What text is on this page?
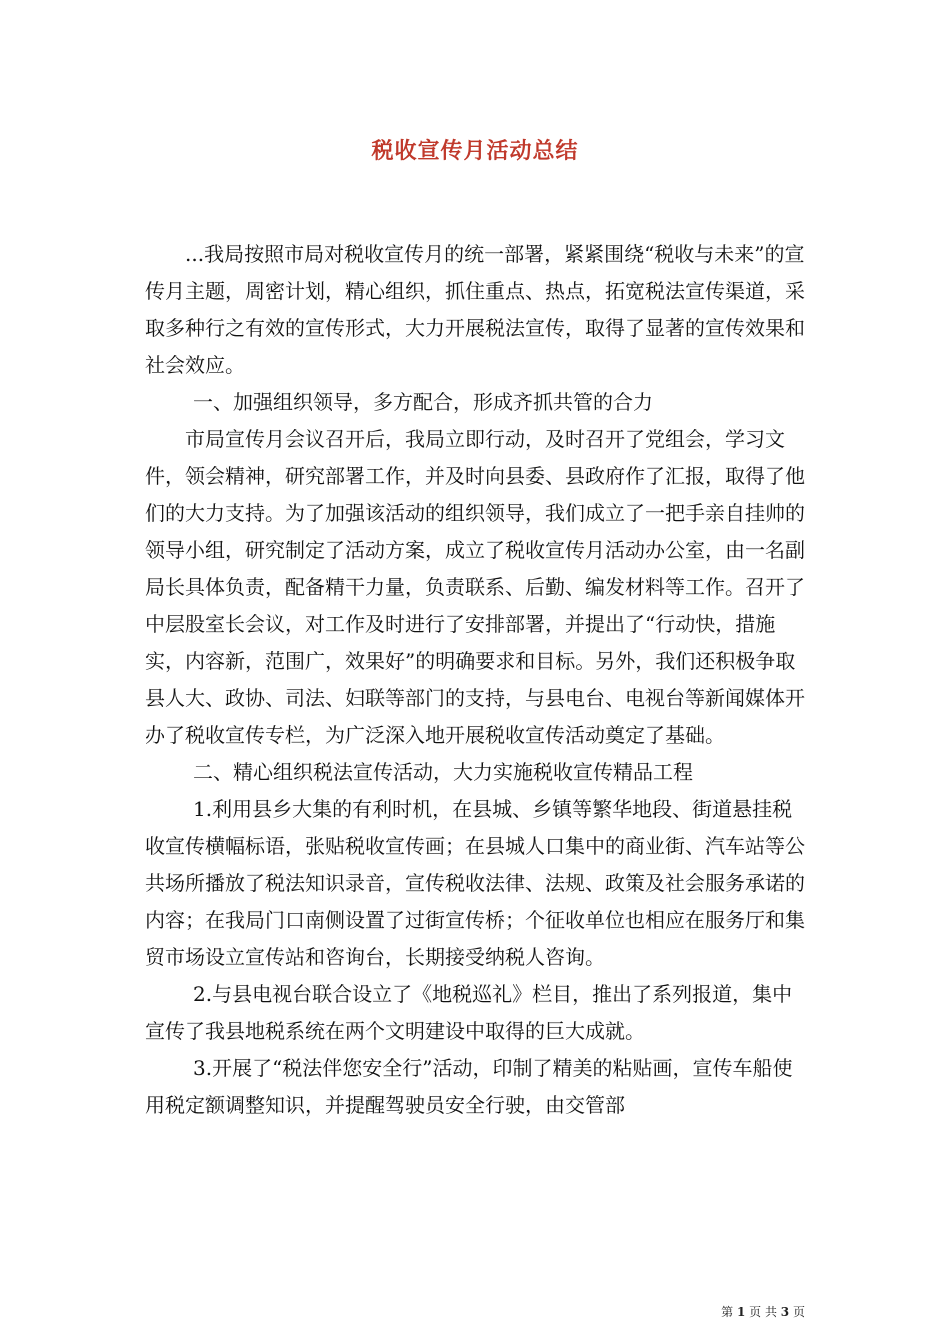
税收宣传月活动总结

...我局按照市局对税收宣传月的统一部署，紧紧围绕“税收与未来”的宣传月主题，周密计划，精心组织，抓住重点、热点，拓宽税法宣传渠道，采取多种行之有效的宣传形式，大力开展税法宣传，取得了显著的宣传效果和社会效应。

一、加强组织领导，多方配合，形成齐抓共管的合力

市局宣传月会议召开后，我局立即行动，及时召开了党组会，学习文件，领会精神，研究部署工作，并及时向县委、县政府作了汇报，取得了他们的大力支持。为了加强该活动的组织领导，我们成立了一把手亲自挂帅的领导小组，研究制定了活动方案，成立了税收宣传月活动办公室，由一名副局长具体负责，配备精干力量，负责联系、后勤、编发材料等工作。召开了中层股室长会议，对工作及时进行了安排部署，并提出了“行动快，措施实，内容新，范围广，效果好”的明确要求和目标。另外，我们还积极争取县人大、政协、司法、妇联等部门的支持，与县电台、电视台等新闻媒体开办了税收宣传专栏，为广泛深入地开展税收宣传活动奠定了基础。

二、精心组织税法宣传活动，大力实施税收宣传精品工程

1.利用县乡大集的有利时机，在县城、乡镇等繁华地段、街道悬挂税收宣传横幅标语，张贴税收宣传画；在县城人口集中的商业街、汽车站等公共场所播放了税法知识录音，宣传税收法律、法规、政策及社会服务承诺的内容；在我局门口南侧设置了过街宣传桥；个征收单位也相应在服务厅和集贸市场设立宣传站和咨询台，长期接受纳税人咨询。

2.与县电视台联合设立了《地税巡礼》栏目，推出了系列报道，集中宣传了我县地税系统在两个文明建设中取得的巨大成就。

3.开展了“税法伴您安全行”活动，印制了精美的粘贴画，宣传车船使用税定额调整知识，并提醒驾驶员安全行驶，由交管部

第 1 页 共 3 页
